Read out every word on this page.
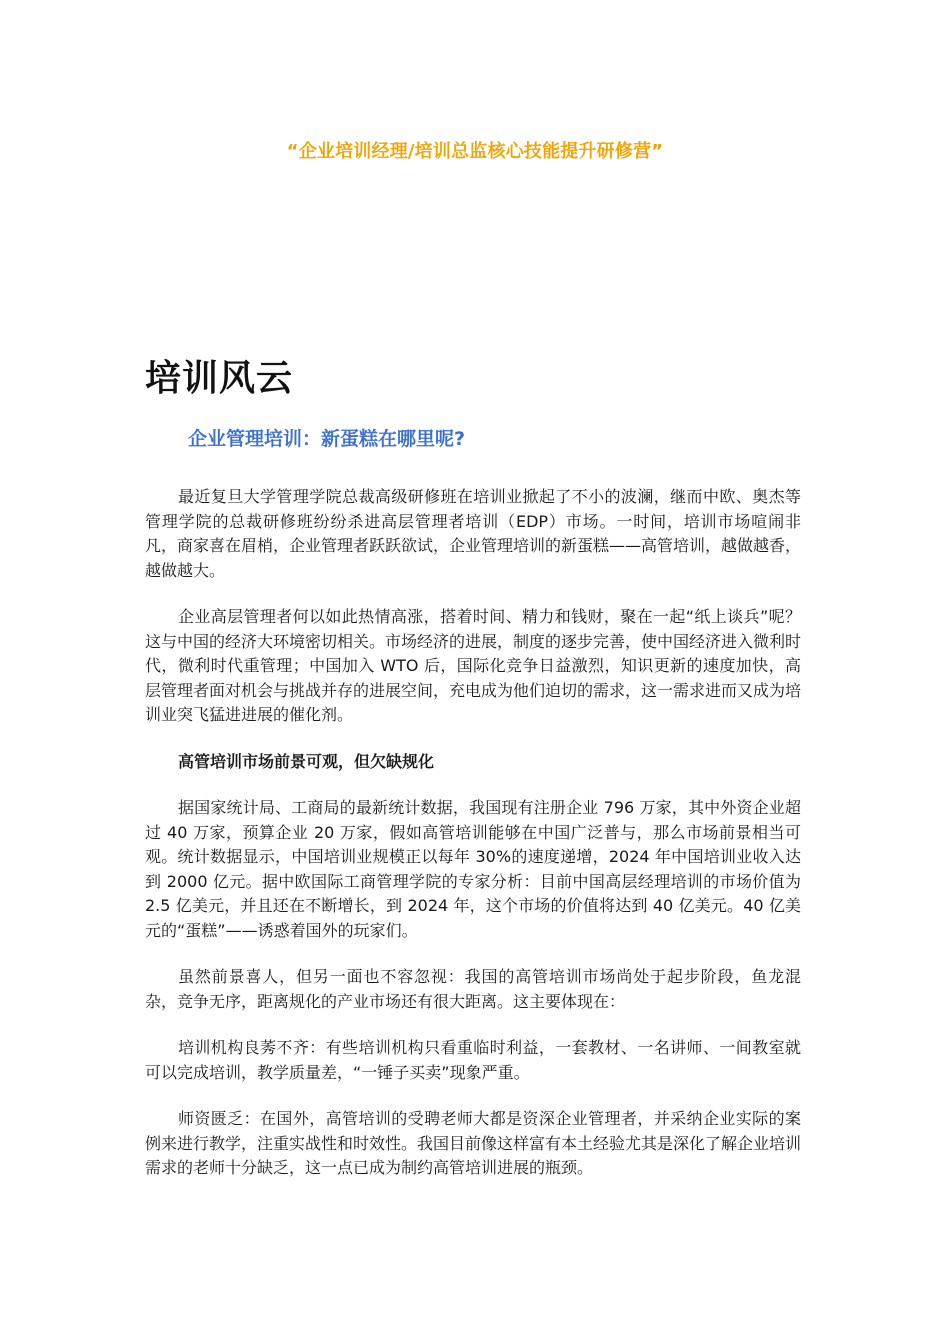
“企业培训经理/培训总监核心技能提升研修营”
培训风云
企业管理培训：新蛋糕在哪里呢?

最近复旦大学管理学院总裁高级研修班在培训业掀起了不小的波澜，继而中欧、奥杰等管理学院的总裁研修班纷纷杀进高层管理者培训（EDP）市场。一时间，培训市场喧闹非凡，商家喜在眉梢，企业管理者跃跃欲试，企业管理培训的新蛋糕——高管培训，越做越香，越做越大。

企业高层管理者何以如此热情高涨，搭着时间、精力和钱财，聚在一起“纸上谈兵”呢？这与中国的经济大环境密切相关。市场经济的进展，制度的逐步完善，使中国经济进入微利时代，微利时代重管理；中国加入 WTO 后，国际化竞争日益激烈，知识更新的速度加快，高层管理者面对机会与挑战并存的进展空间，充电成为他们迫切的需求，这一需求进而又成为培训业突飞猛进进展的催化剂。

高管培训市场前景可观，但欠缺规化

据国家统计局、工商局的最新统计数据，我国现有注册企业 796 万家，其中外资企业超过 40 万家，预算企业 20 万家，假如高管培训能够在中国广泛普与，那么市场前景相当可观。统计数据显示，中国培训业规模正以每年 30%的速度递增，2024 年中国培训业收入达到 2000 亿元。据中欧国际工商管理学院的专家分析：目前中国高层经理培训的市场价值为 2.5 亿美元，并且还在不断增长，到 2024 年，这个市场的价值将达到 40 亿美元。40 亿美元的“蛋糕”——诱惑着国外的玩家们。

虽然前景喜人，但另一面也不容忽视：我国的高管培训市场尚处于起步阶段，鱼龙混杂，竞争无序，距离规化的产业市场还有很大距离。这主要体现在：

培训机构良莠不齐：有些培训机构只看重临时利益，一套教材、一名讲师、一间教室就可以完成培训，教学质量差，“一锤子买卖”现象严重。

师资匮乏：在国外，高管培训的受聘老师大都是资深企业管理者，并采纳企业实际的案例来进行教学，注重实战性和时效性。我国目前像这样富有本土经验尤其是深化了解企业培训需求的老师十分缺乏，这一点已成为制约高管培训进展的瓶颈。
